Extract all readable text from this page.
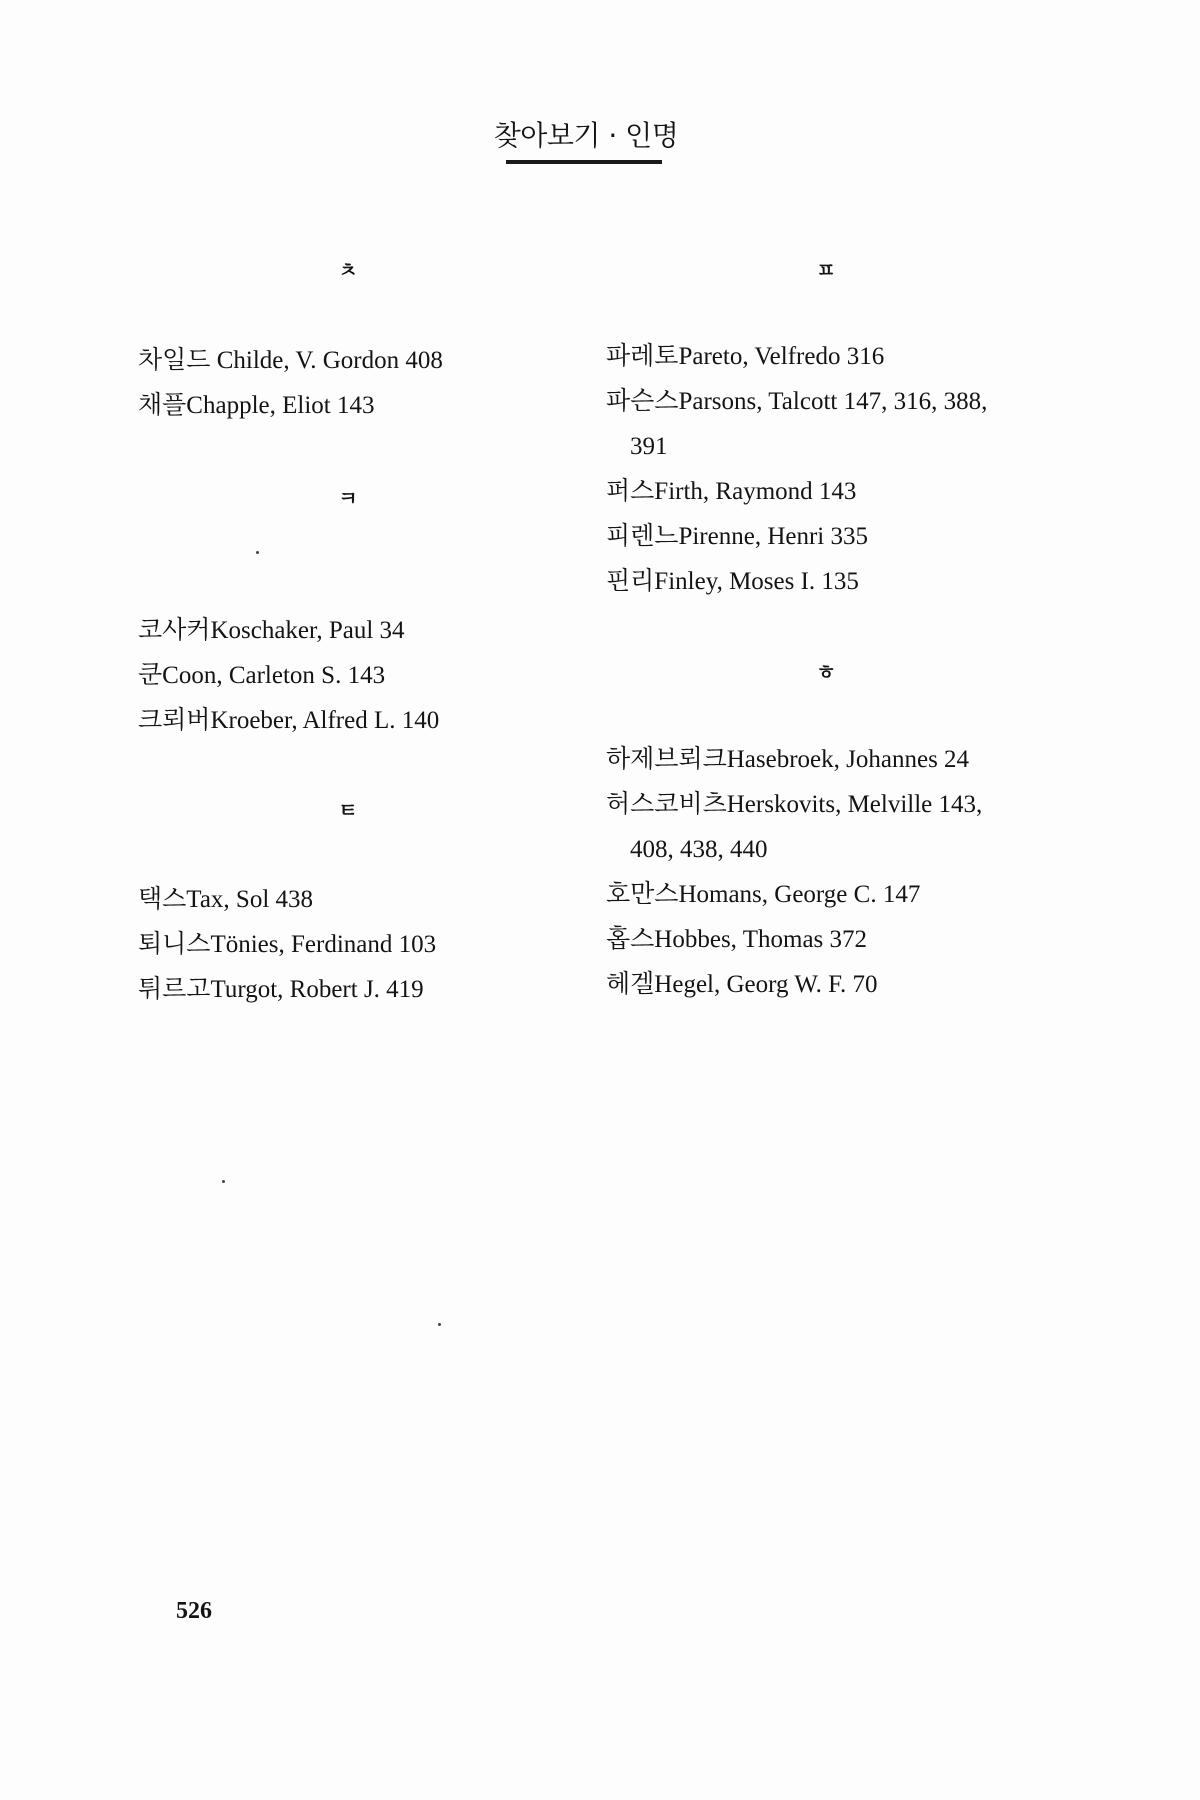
찾아보기 · 인명
ㅊ
차일드 Childe, V. Gordon 408
채플Chapple, Eliot 143
ㅋ
코사커Koschaker, Paul 34
쿤Coon, Carleton S. 143
크뢰버Kroeber, Alfred L. 140
ㅌ
택스Tax, Sol 438
퇴니스Tönies, Ferdinand 103
튀르고Turgot, Robert J. 419
ㅍ
파레토Pareto, Velfredo 316
파슨스Parsons, Talcott 147, 316, 388,
391
퍼스Firth, Raymond 143
피렌느Pirenne, Henri 335
핀리Finley, Moses I. 135
ㅎ
하제브뢰크Hasebroek, Johannes 24
허스코비츠Herskovits, Melville 143,
408, 438, 440
호만스Homans, George C. 147
홉스Hobbes, Thomas 372
헤겔Hegel, Georg W. F. 70
526
